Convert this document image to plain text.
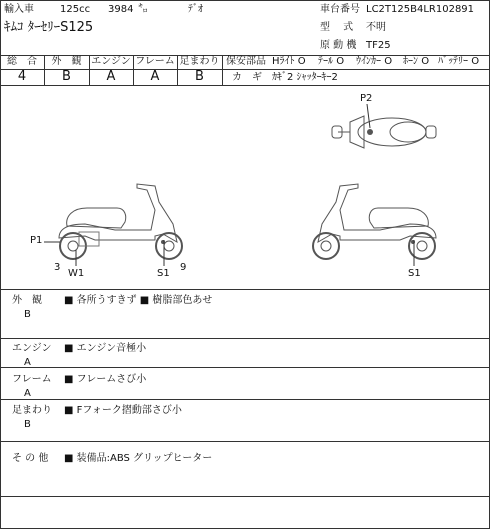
輸入車	125cc 3984 ㌔	ﾃﾞｵ
ｷﾑｺ ﾀｰｾﾘｰS125
車台番号 LC2T125B4LR102891
型　 式 不明
原 動 機 TF25
総　合
4
外　観
B
エンジン
A
フレーム
A
足まわり
B
保安部品 Hﾗｲﾄ O ﾃｰﾙ O ｳｲﾝｶｰ O ﾎｰﾝ O ﾊﾞｯﾃﾘｰ O
カ　ギ ｶｷﾞ2 ｼｬｯﾀｰｷｰ2
P2
P1
3
W1	S1
9
S1
外　観
B
■ 各所うすきず ■ 樹脂部色あせ
エンジン
A
■ エンジン音極小
フレーム
A
■ フレームさび小
足まわり
B
■ Fフォーク摺動部さび小
そ の 他 ■ 装備品:ABS グリップヒーター
